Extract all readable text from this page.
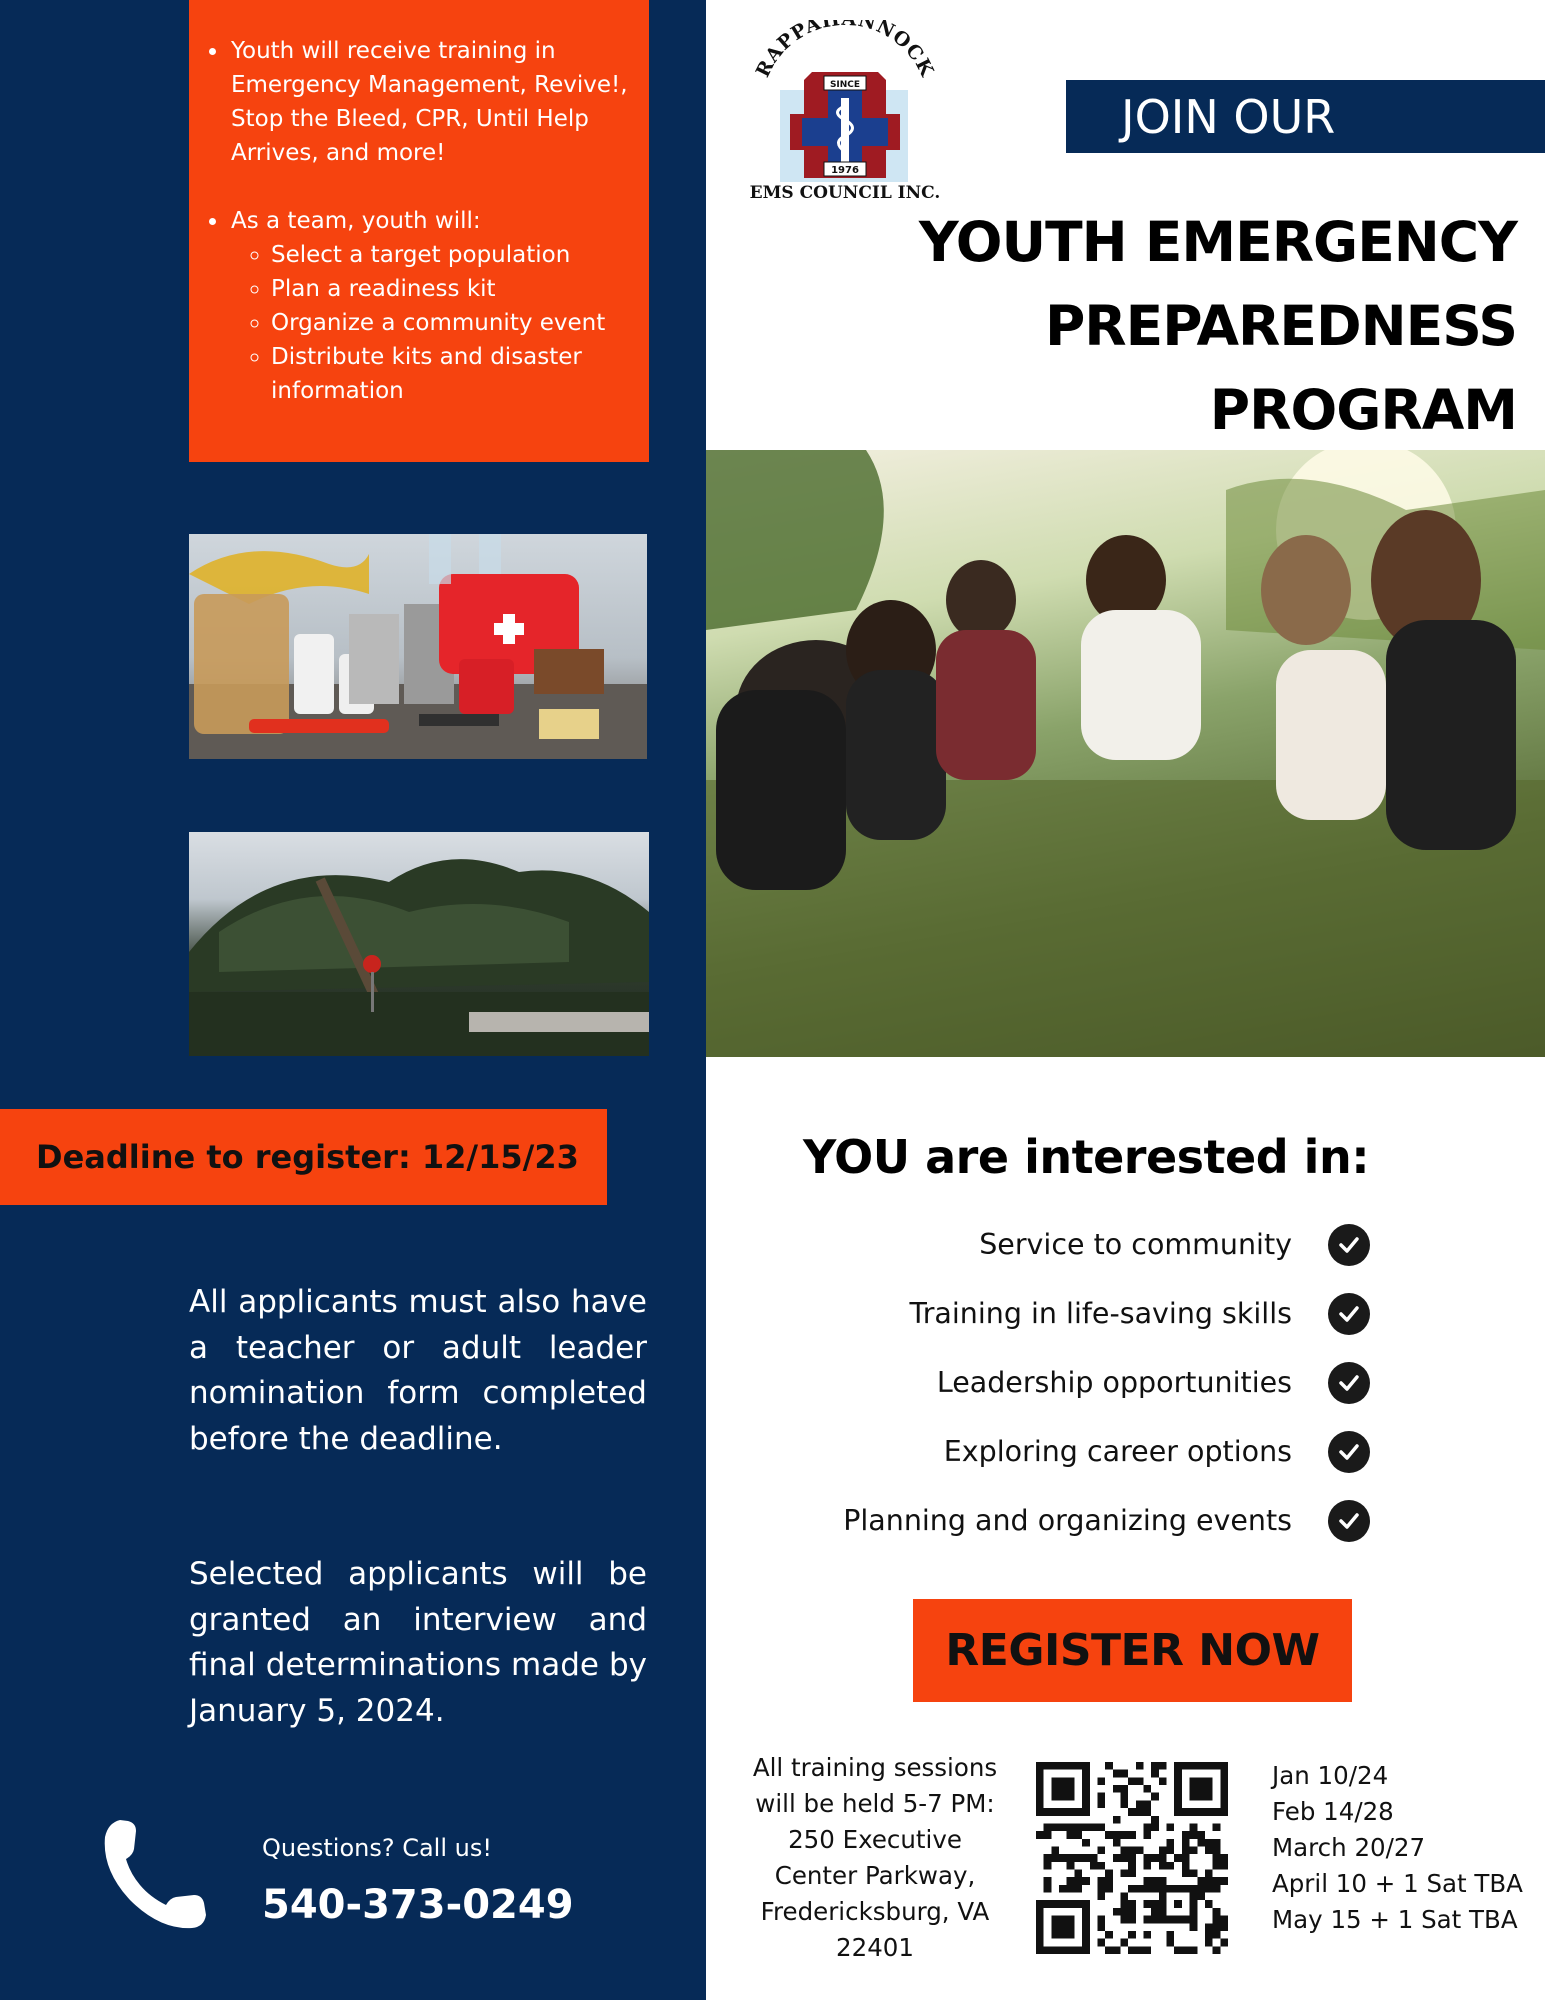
• Youth will receive training in Emergency Management, Revive!, Stop the Bleed, CPR, Until Help Arrives, and more!
• As a team, youth will:
◦ Select a target population
◦ Plan a readiness kit
◦ Organize a community event
◦ Distribute kits and disaster information
Deadline to register: 12/15/23

All applicants must also have a teacher or adult leader nomination form completed before the deadline.

Selected applicants will be granted an interview and final determinations made by January 5, 2024.

Questions? Call us!
540-373-0249
RAPPAH NNOCK
SINCE
1976
EMS COUNCIL INC.
JOIN OUR
YOUTH EMERGENCY
PREPAREDNESS
PROGRAM
YOU are interested in:
Service to community
Training in life-saving skills
Leadership opportunities
Exploring career options
Planning and organizing events
REGISTER NOW
All training sessions
will be held 5-7 PM:
250 Executive
Center Parkway,
Fredericksburg, VA
22401
Jan 10/24
Feb 14/28
March 20/27
April 10 + 1 Sat TBA
May 15 + 1 Sat TBA
